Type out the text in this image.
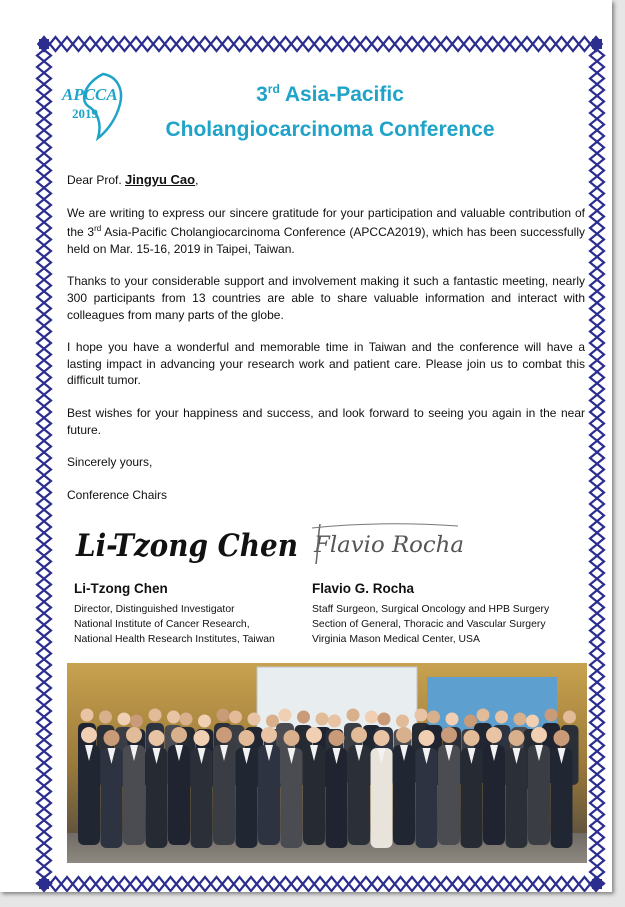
APCCA
2019
3rd Asia-Pacific
Cholangiocarcinoma Conference

Dear Prof. Jingyu Cao,

We are writing to express our sincere gratitude for your participation and valuable contribution of the 3rd Asia-Pacific Cholangiocarcinoma Conference (APCCA2019), which has been successfully held on Mar. 15-16, 2019 in Taipei, Taiwan.

Thanks to your considerable support and involvement making it such a fantastic meeting, nearly 300 participants from 13 countries are able to share valuable information and interact with colleagues from many parts of the globe.

I hope you have a wonderful and memorable time in Taiwan and the conference will have a lasting impact in advancing your research work and patient care. Please join us to combat this difficult tumor.

Best wishes for your happiness and success, and look forward to seeing you again in the near future.

Sincerely yours,

Conference Chairs

Li-Tzong Chen Flavio Rocha
Li-Tzong Chen
Director, Distinguished Investigator
National Institute of Cancer Research,
National Health Research Institutes, Taiwan
Flavio G. Rocha
Staff Surgeon, Surgical Oncology and HPB Surgery
Section of General, Thoracic and Vascular Surgery
Virginia Mason Medical Center, USA
